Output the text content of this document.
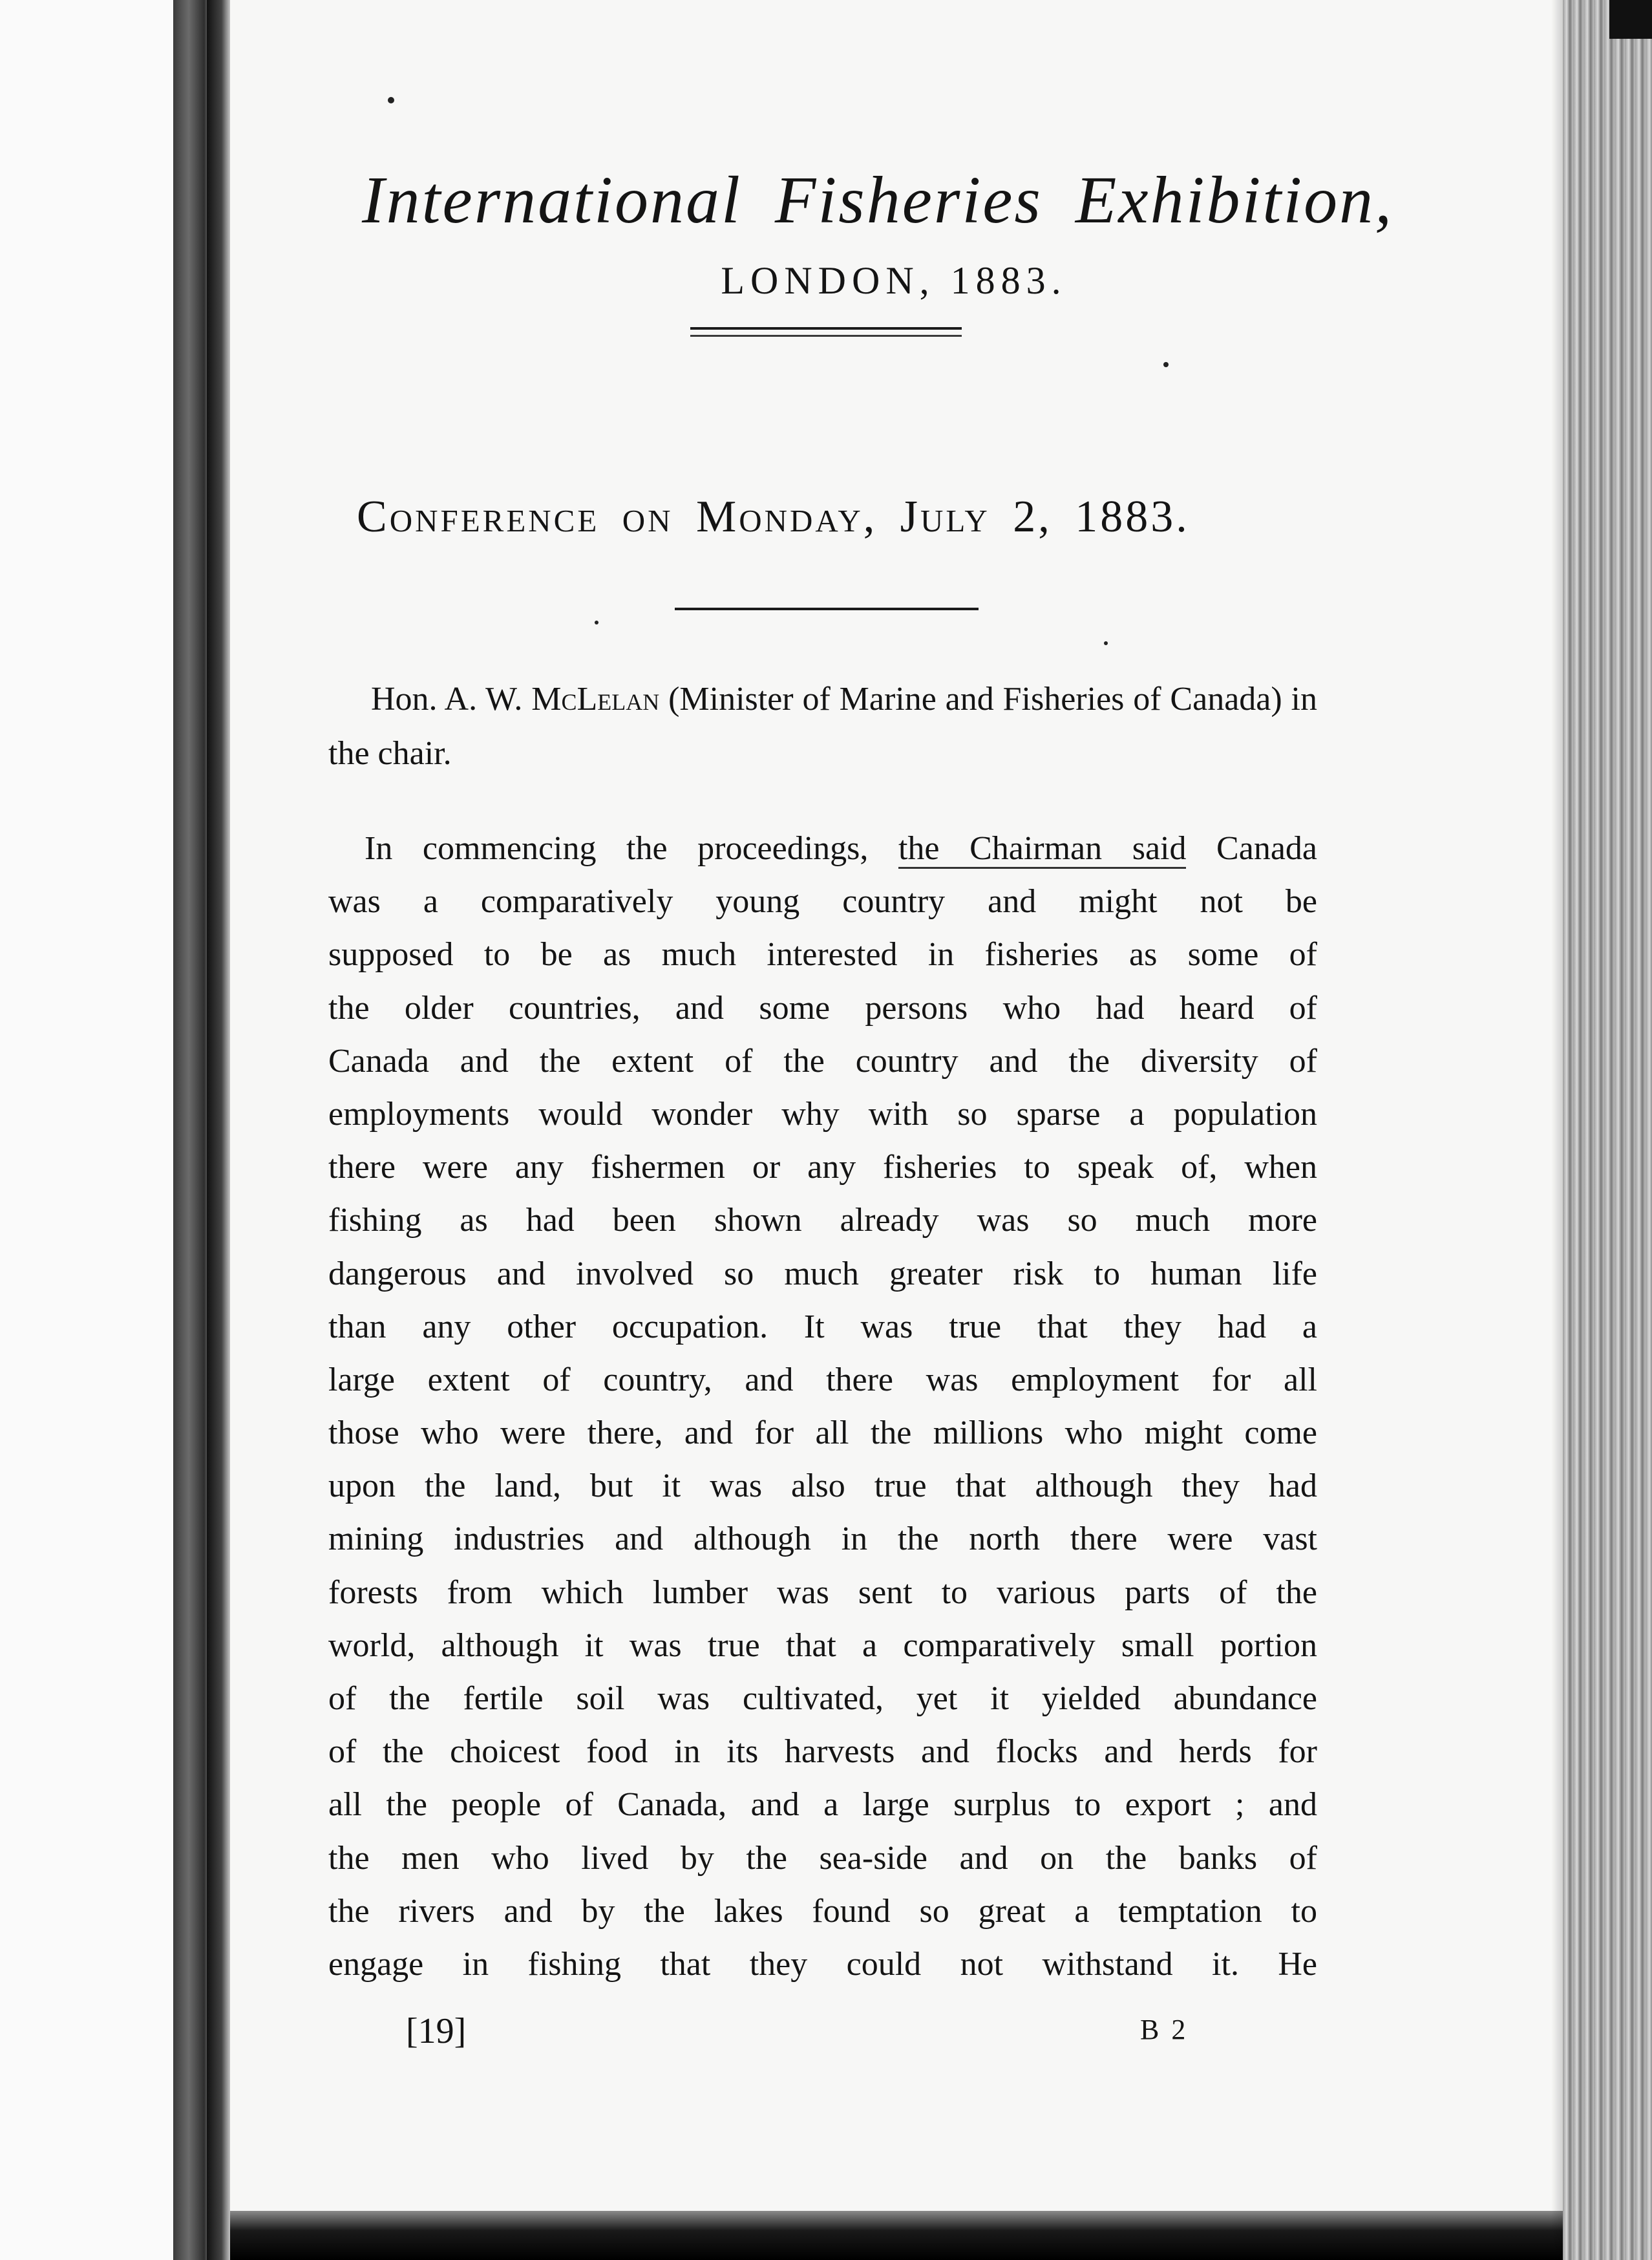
International Fisheries Exhibition,
LONDON, 1883.
Conference on Monday, July 2, 1883.
Hon. A. W. McLelan (Minister of Marine and Fisheries of Canada) in the chair.
In commencing the proceedings, the Chairman said Canada
was a comparatively young country and might not be
supposed to be as much interested in fisheries as some of
the older countries, and some persons who had heard of
Canada and the extent of the country and the diversity of
employments would wonder why with so sparse a population
there were any fishermen or any fisheries to speak of, when
fishing as had been shown already was so much more
dangerous and involved so much greater risk to human life
than any other occupation. It was true that they had a
large extent of country, and there was employment for all
those who were there, and for all the millions who might come
upon the land, but it was also true that although they had
mining industries and although in the north there were vast
forests from which lumber was sent to various parts of the
world, although it was true that a comparatively small portion
of the fertile soil was cultivated, yet it yielded abundance
of the choicest food in its harvests and flocks and herds for
all the people of Canada, and a large surplus to export ; and
the men who lived by the sea-side and on the banks of
the rivers and by the lakes found so great a temptation to
engage in fishing that they could not withstand it. He
[19]	B 2
